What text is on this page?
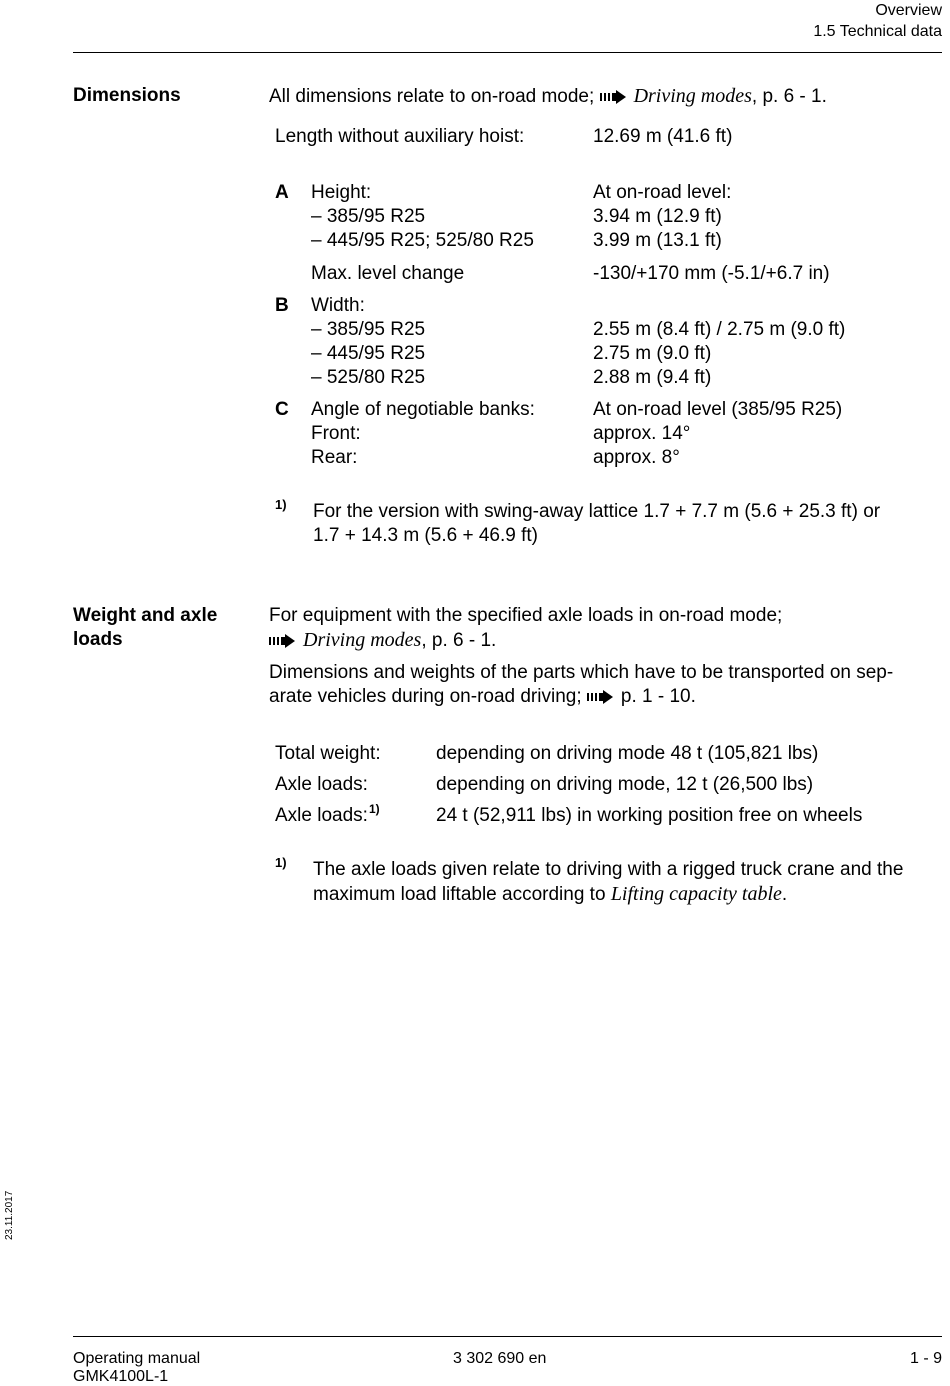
Overview
1.5 Technical data
Dimensions	All dimensions relate to on-road mode; Driving modes, p. 6 - 1.
Length without auxiliary hoist:	12.69 m (41.6 ft)
A Height:	At on-road level:
– 385/95 R25	3.94 m (12.9 ft)
– 445/95 R25; 525/80 R25	3.99 m (13.1 ft)
Max. level change	-130/+170 mm (-5.1/+6.7 in)
B Width:
– 385/95 R25	2.55 m (8.4 ft) / 2.75 m (9.0 ft)
– 445/95 R25	2.75 m (9.0 ft)
– 525/80 R25	2.88 m (9.4 ft)
C Angle of negotiable banks:	At on-road level (385/95 R25)
Front:	approx. 14°
Rear:	approx. 8°
1) For the version with swing-away lattice 1.7 + 7.7 m (5.6 + 25.3 ft) or
1.7 + 14.3 m (5.6 + 46.9 ft)
Weight and axle
loads
For equipment with the specified axle loads in on-road mode;
Driving modes, p. 6 - 1.
Dimensions and weights of the parts which have to be transported on sep-
arate vehicles during on-road driving; p. 1 - 10.
Total weight:	depending on driving mode 48 t (105,821 lbs)
Axle loads:	depending on driving mode, 12 t (26,500 lbs)
Axle loads:$^{1)}$	24 t (52,911 lbs) in working position free on wheels
1) The axle loads given relate to driving with a rigged truck crane and the
maximum load liftable according to Lifting capacity table.
23.11.2017
Operating manual
GMK4100L-1
3 302 690 en	1 - 9
